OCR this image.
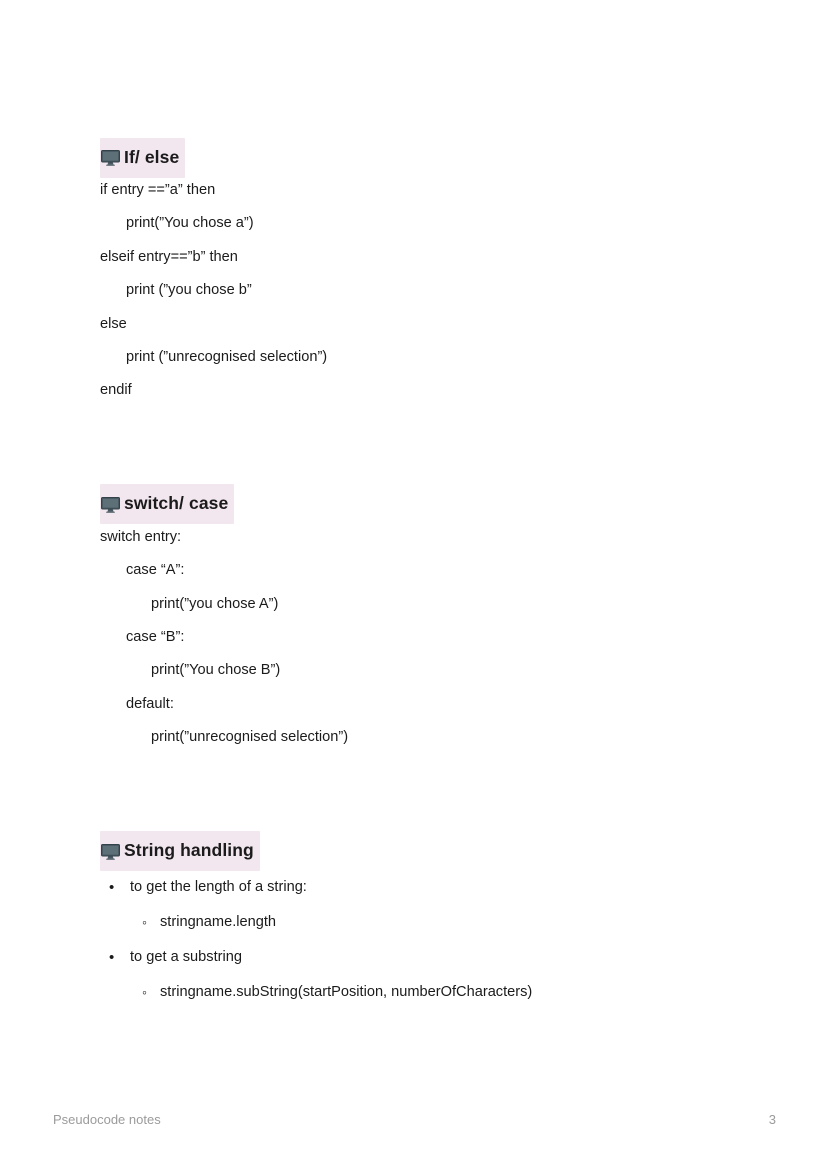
If/ else

if entry ==”a” then

print(”You chose a”)

elseif entry==”b” then

print (”you chose b”

else

print (”unrecognised selection”)

endif

switch/ case

switch entry:

case “A”:

print(”you chose A”)

case “B”:

print(”You chose B”)

default:

print(”unrecognised selection”)

String handling
• to get the length of a string:
◦ stringname.length
• to get a substring
◦ stringname.subString(startPosition, numberOfCharacters)
Pseudocode notes	3
